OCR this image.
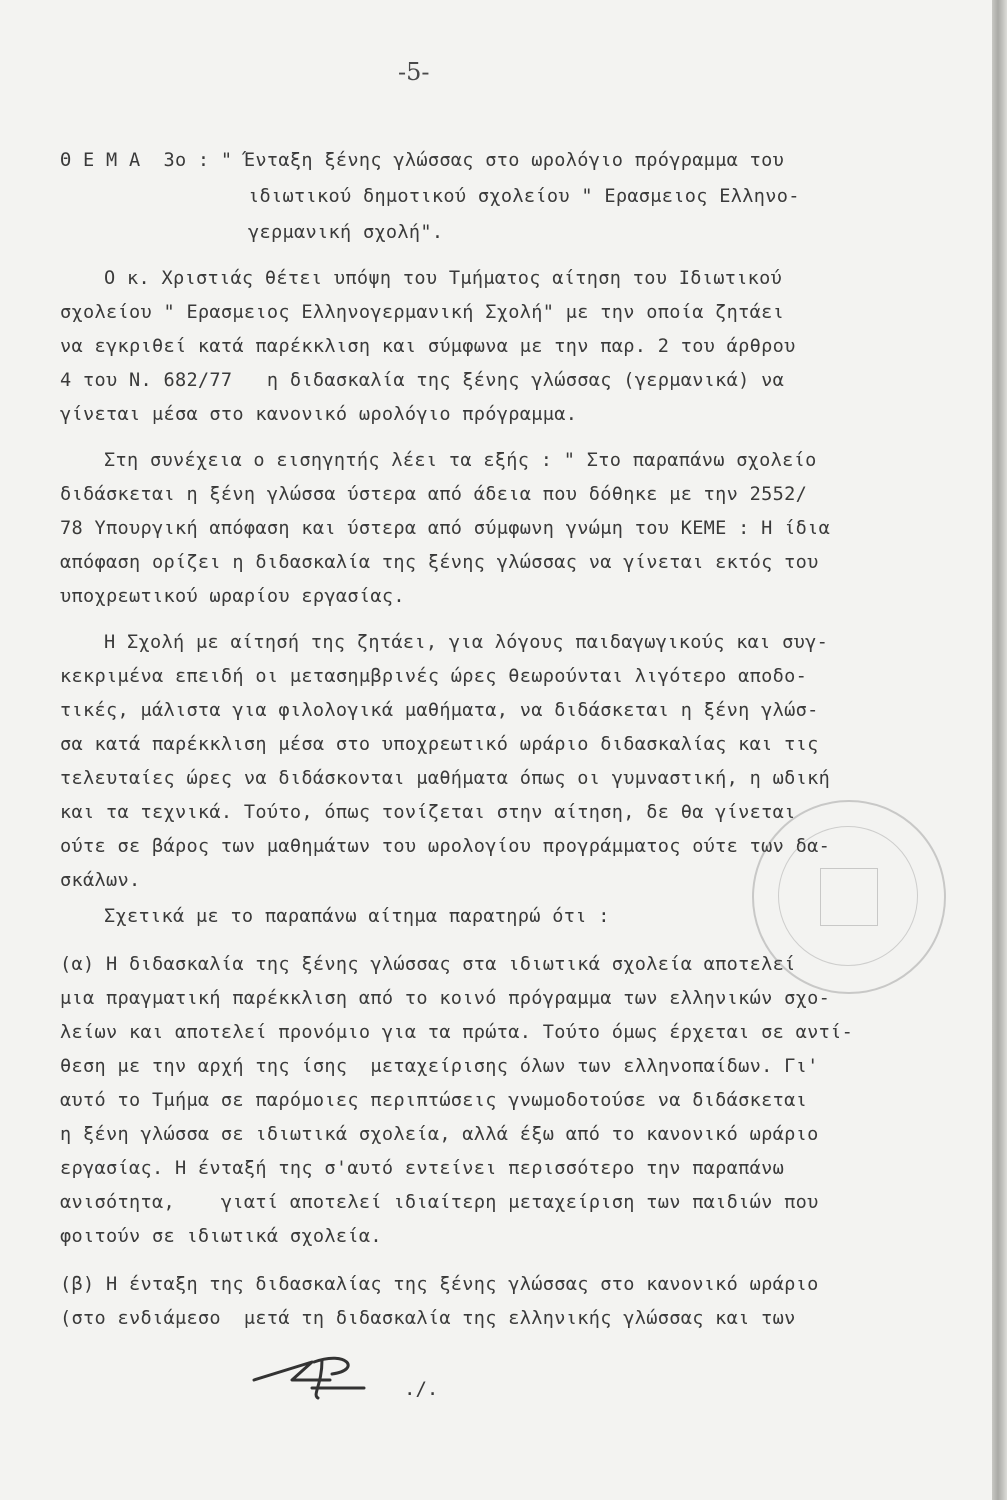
-5-
Θ Ε Μ Α  3ο : " Ένταξη ξένης γλώσσας στο ωρολόγιο πρόγραμμα του
ιδιωτικού δημοτικού σχολείου " Ερασμειος Ελληνο-
γερμανική σχολή".
Ο κ. Χριστιάς θέτει υπόψη του Τμήματος αίτηση του Ιδιωτικού
σχολείου " Ερασμειος Ελληνογερμανική Σχολή" με την οποία ζητάει
να εγκριθεί κατά παρέκκλιση και σύμφωνα με την παρ. 2 του άρθρου
4 του Ν. 682/77   η διδασκαλία της ξένης γλώσσας (γερμανικά) να
γίνεται μέσα στο κανονικό ωρολόγιο πρόγραμμα.
Στη συνέχεια ο εισηγητής λέει τα εξής : " Στο παραπάνω σχολείο
διδάσκεται η ξένη γλώσσα ύστερα από άδεια που δόθηκε με την 2552/
78 Υπουργική απόφαση και ύστερα από σύμφωνη γνώμη του ΚΕΜΕ : Η ίδια
απόφαση ορίζει η διδασκαλία της ξένης γλώσσας να γίνεται εκτός του
υποχρεωτικού ωραρίου εργασίας.
Η Σχολή με αίτησή της ζητάει, για λόγους παιδαγωγικούς και συγ-
κεκριμένα επειδή οι μετασημβρινές ώρες θεωρούνται λιγότερο αποδο-
τικές, μάλιστα για φιλολογικά μαθήματα, να διδάσκεται η ξένη γλώσ-
σα κατά παρέκκλιση μέσα στο υποχρεωτικό ωράριο διδασκαλίας και τις
τελευταίες ώρες να διδάσκονται μαθήματα όπως οι γυμναστική, η ωδική
και τα τεχνικά. Τούτο, όπως τονίζεται στην αίτηση, δε θα γίνεται
ούτε σε βάρος των μαθημάτων του ωρολογίου προγράμματος ούτε των δα-
σκάλων.
Σχετικά με το παραπάνω αίτημα παρατηρώ ότι :
(α) Η διδασκαλία της ξένης γλώσσας στα ιδιωτικά σχολεία αποτελεί
μια πραγματική παρέκκλιση από το κοινό πρόγραμμα των ελληνικών σχο-
λείων και αποτελεί προνόμιο για τα πρώτα. Τούτο όμως έρχεται σε αντί-
θεση με την αρχή της ίσης  μεταχείρισης όλων των ελληνοπαίδων. Γι'
αυτό το Τμήμα σε παρόμοιες περιπτώσεις γνωμοδοτούσε να διδάσκεται
η ξένη γλώσσα σε ιδιωτικά σχολεία, αλλά έξω από το κανονικό ωράριο
εργασίας. Η ένταξή της σ'αυτό εντείνει περισσότερο την παραπάνω
ανισότητα,    γιατί αποτελεί ιδιαίτερη μεταχείριση των παιδιών που
φοιτούν σε ιδιωτικά σχολεία.
(β) Η ένταξη της διδασκαλίας της ξένης γλώσσας στο κανονικό ωράριο
(στο ενδιάμεσο  μετά τη διδασκαλία της ελληνικής γλώσσας και των
./.
